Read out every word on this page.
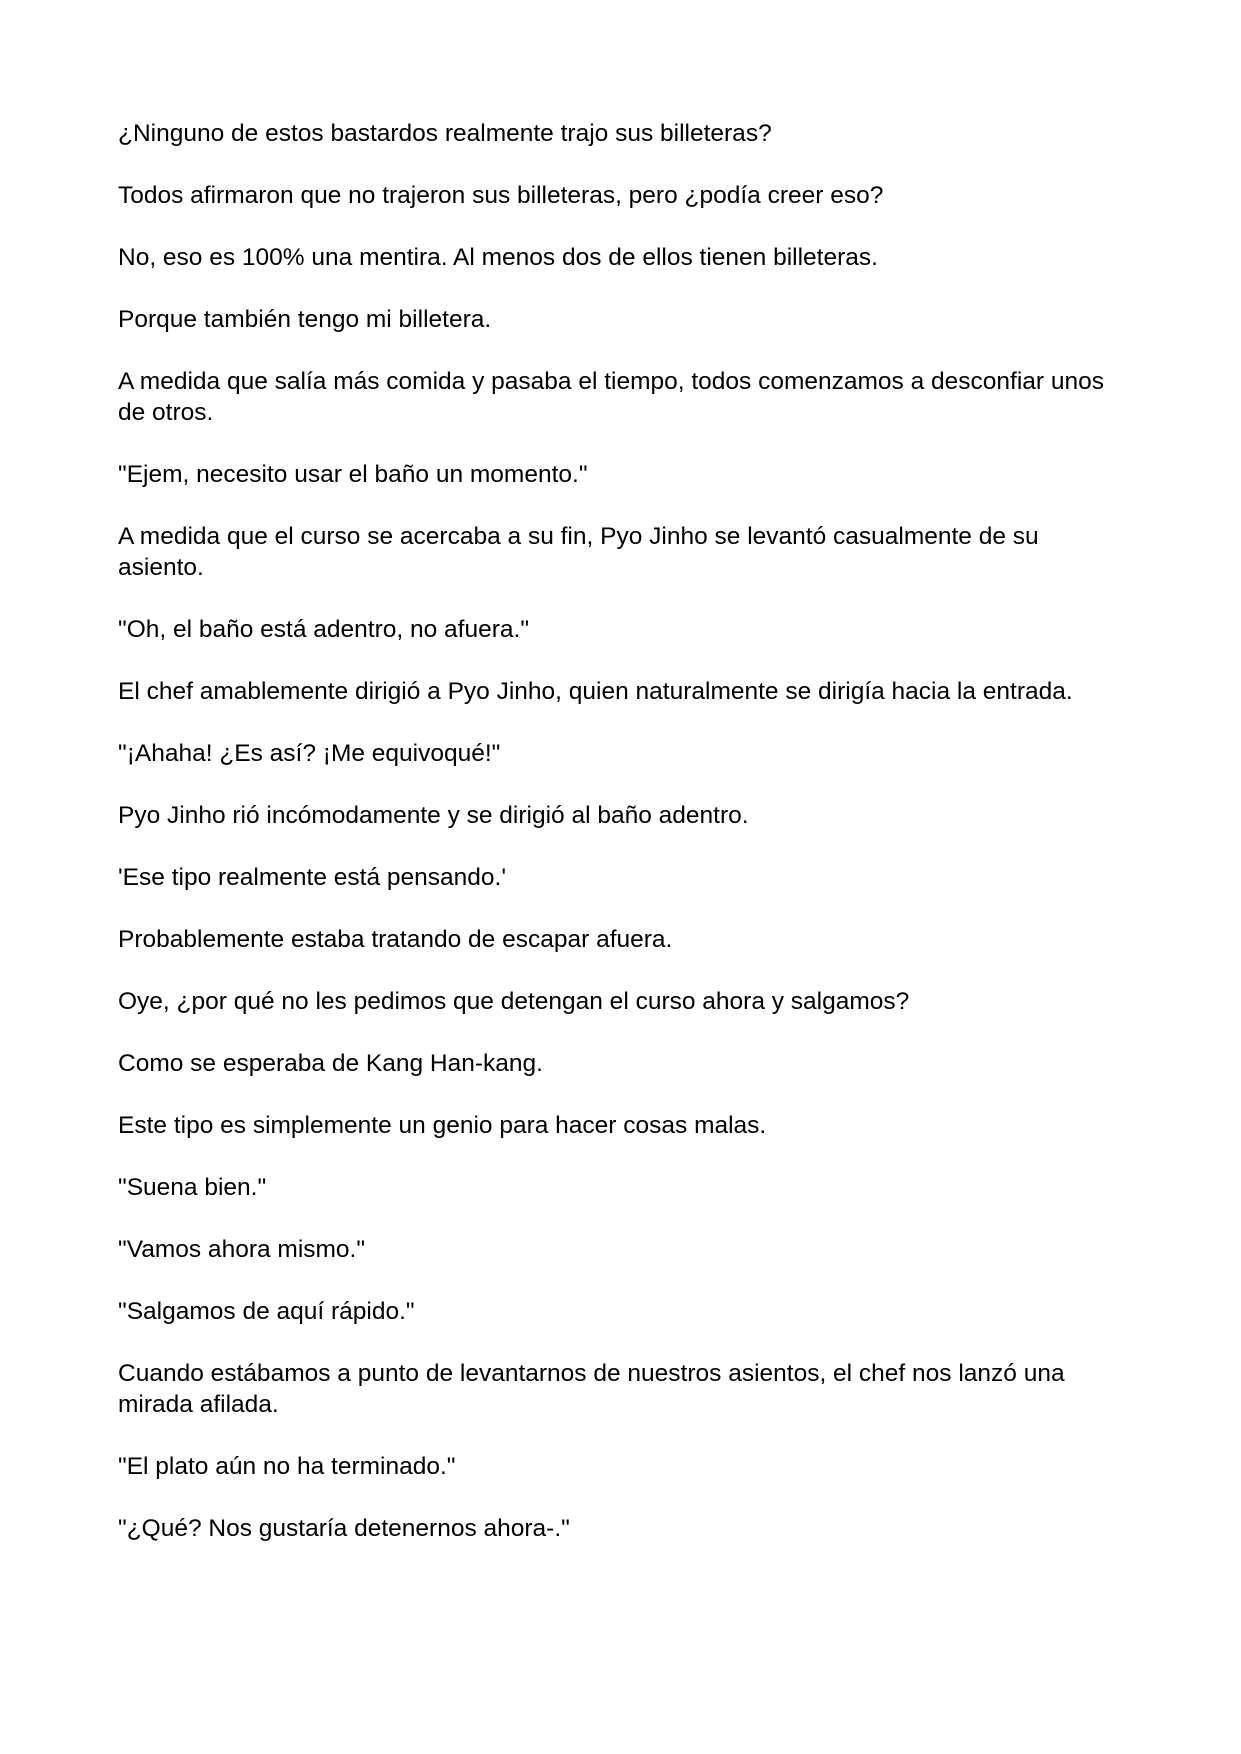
¿Ninguno de estos bastardos realmente trajo sus billeteras?

Todos afirmaron que no trajeron sus billeteras, pero ¿podía creer eso?

No, eso es 100% una mentira. Al menos dos de ellos tienen billeteras.

Porque también tengo mi billetera.

A medida que salía más comida y pasaba el tiempo, todos comenzamos a desconfiar unos de otros.

"Ejem, necesito usar el baño un momento."

A medida que el curso se acercaba a su fin, Pyo Jinho se levantó casualmente de su asiento.

"Oh, el baño está adentro, no afuera."

El chef amablemente dirigió a Pyo Jinho, quien naturalmente se dirigía hacia la entrada.

"¡Ahaha! ¿Es así? ¡Me equivoqué!"

Pyo Jinho rió incómodamente y se dirigió al baño adentro.

'Ese tipo realmente está pensando.'

Probablemente estaba tratando de escapar afuera.

Oye, ¿por qué no les pedimos que detengan el curso ahora y salgamos?

Como se esperaba de Kang Han-kang.

Este tipo es simplemente un genio para hacer cosas malas.

"Suena bien."

"Vamos ahora mismo."

"Salgamos de aquí rápido."

Cuando estábamos a punto de levantarnos de nuestros asientos, el chef nos lanzó una mirada afilada.

"El plato aún no ha terminado."

"¿Qué? Nos gustaría detenernos ahora-."
